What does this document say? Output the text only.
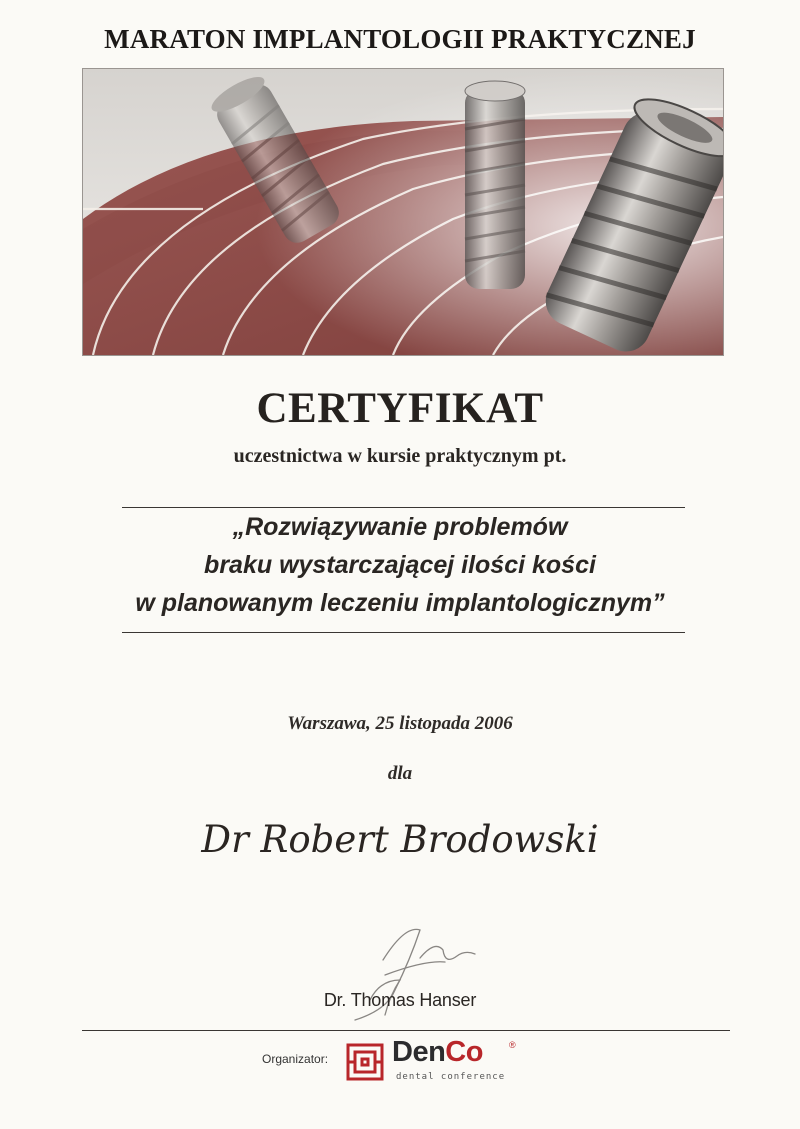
MARATON IMPLANTOLOGII PRAKTYCZNEJ
CERTYFIKAT
uczestnictwa w kursie praktycznym pt.
„Rozwiązywanie problemów
braku wystarczającej ilości kości
w planowanym leczeniu implantologicznym”
Warszawa, 25 listopada 2006
dla
Dr Robert Brodowski
Dr. Thomas Hanser
Organizator: DenCo	®
dental conference
